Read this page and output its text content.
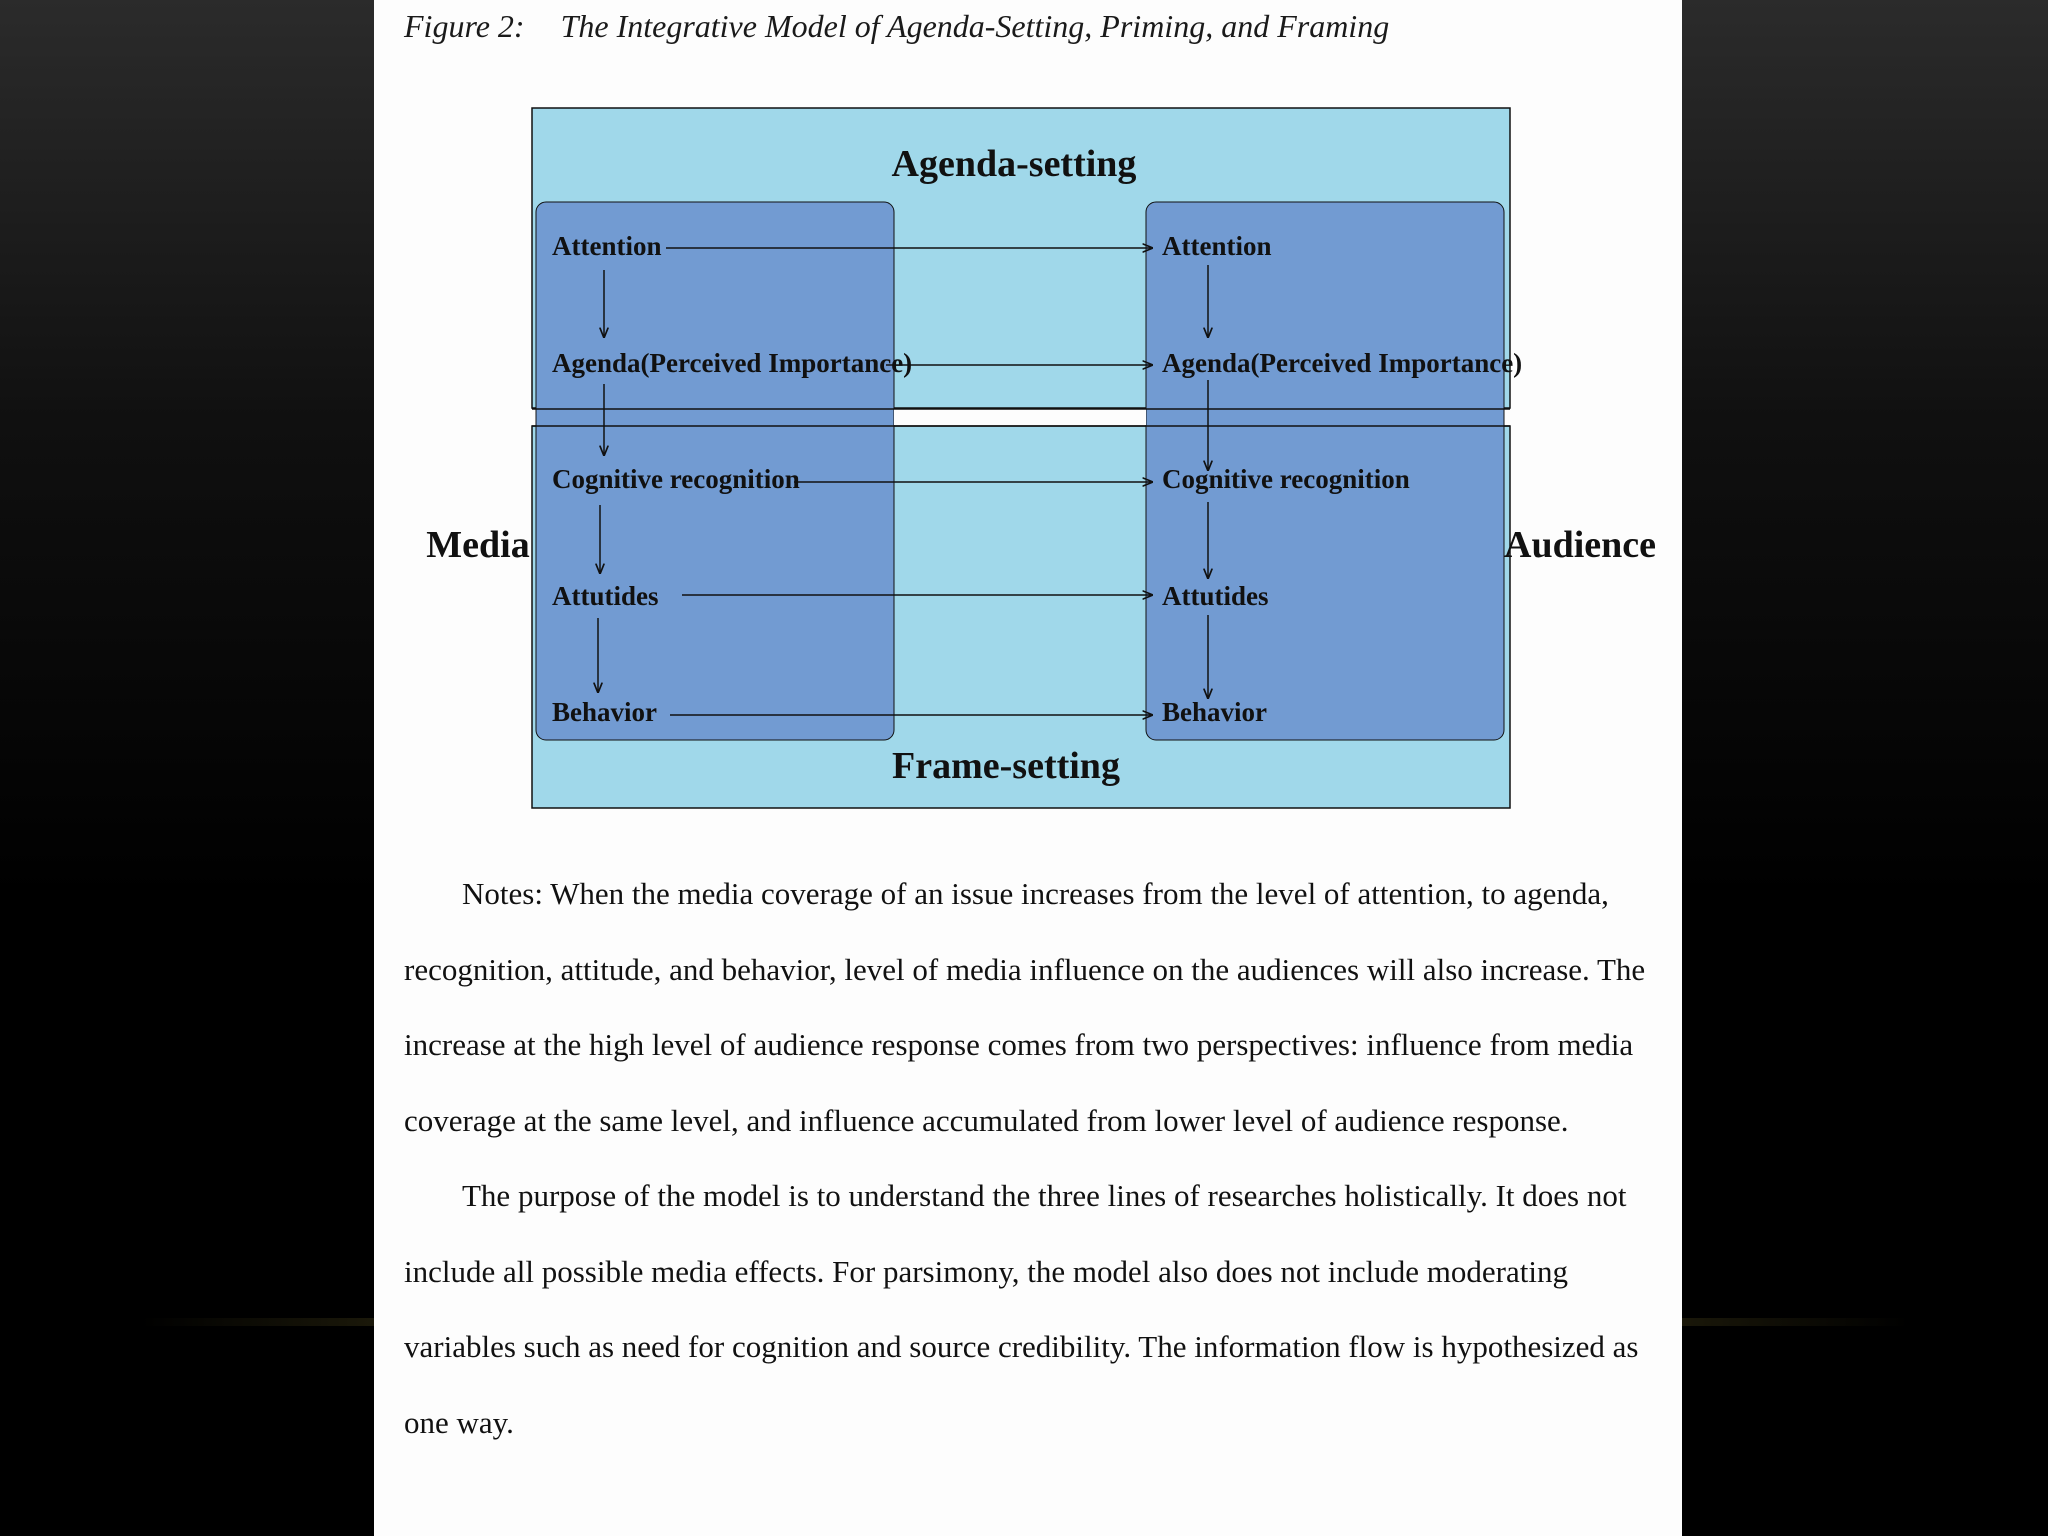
Figure 2: The Integrative Model of Agenda-Setting, Priming, and Framing
Agenda-setting
Frame-setting
Media	Audience
Attention
Agenda(Perceived Importance)
Cognitive recognition
Attutides
Behavior
Attention
Agenda(Perceived Importance)
Cognitive recognition
Attutides
Behavior

Notes: When the media coverage of an issue increases from the level of attention, to agenda, recognition, attitude, and behavior, level of media influence on the audiences will also increase. The increase at the high level of audience response comes from two perspectives: influence from media coverage at the same level, and influence accumulated from lower level of audience response.

The purpose of the model is to understand the three lines of researches holistically. It does not include all possible media effects. For parsimony, the model also does not include moderating variables such as need for cognition and source credibility. The information flow is hypothesized as one way.
